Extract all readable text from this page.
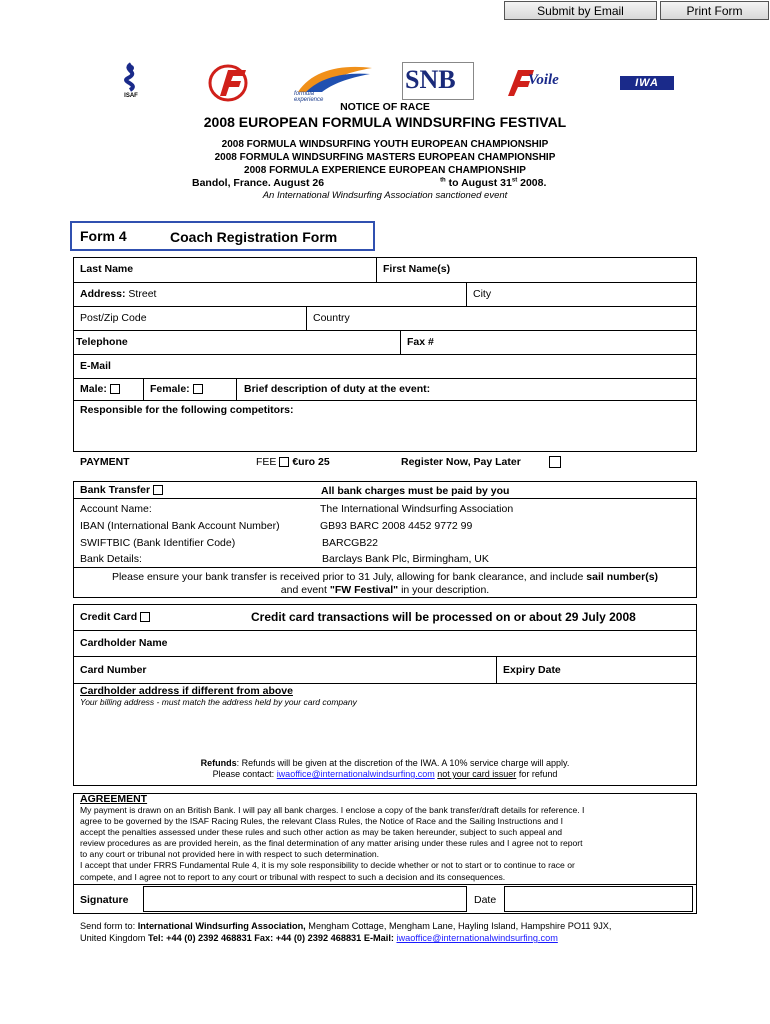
Submit by Email	Print Form
ISAF	formula experience
SNB	Voile	IWA
NOTICE OF RACE
2008 EUROPEAN FORMULA WINDSURFING FESTIVAL
2008 FORMULA WINDSURFING YOUTH EUROPEAN CHAMPIONSHIP
2008 FORMULA WINDSURFING MASTERS EUROPEAN CHAMPIONSHIP
2008 FORMULA EXPERIENCE EUROPEAN CHAMPIONSHIP
Bandol, France. August 26	$^{th}$ to August 31st 2008.
An International Windsurfing Association sanctioned event
Form 4	Coach Registration Form
Last Name	First Name(s)
Address: Street	City
Post/Zip Code	Country
Telephone	Fax #
E-Mail
Male:	Female:	Brief description of duty at the event:
Responsible for the following competitors:
PAYMENT	FEE €uro 25	Register Now, Pay Later
Bank Transfer	All bank charges must be paid by you
Account Name:	The International Windsurfing Association
IBAN (International Bank Account Number)	GB93 BARC 2008 4452 9772 99
SWIFTBIC (Bank Identifier Code)	BARCGB22
Bank Details:	Barclays Bank Plc, Birmingham, UK
Please ensure your bank transfer is received prior to 31 July, allowing for bank clearance, and include sail number(s)
and event "FW Festival" in your description.
Credit Card	Credit card transactions will be processed on or about 29 July 2008
Cardholder Name
Card Number	Expiry Date
Cardholder address if different from above
Your billing address - must match the address held by your card company
Refunds: Refunds will be given at the discretion of the IWA. A 10% service charge will apply.
Please contact: iwaoffice@internationalwindsurfing.com not your card issuer for refund
AGREEMENT
My payment is drawn on an British Bank. I will pay all bank charges. I enclose a copy of the bank transfer/draft details for reference. I
agree to be governed by the ISAF Racing Rules, the relevant Class Rules, the Notice of Race and the Sailing Instructions and I
accept the penalties assessed under these rules and such other action as may be taken hereunder, subject to such appeal and
review procedures as are provided herein, as the final determination of any matter arising under these rules and I agree not to report
to any court or tribunal not provided here in with respect to such determination.
I accept that under FRRS Fundamental Rule 4, it is my sole responsibility to decide whether or not to start or to continue to race or
compete, and I agree not to report to any court or tribunal with respect to such a decision and its consequences.
Signature	Date
Send form to: International Windsurfing Association, Mengham Cottage, Mengham Lane, Hayling Island, Hampshire PO11 9JX,
United Kingdom Tel: +44 (0) 2392 468831 Fax: +44 (0) 2392 468831 E-Mail: iwaoffice@internationalwindsurfing.com
